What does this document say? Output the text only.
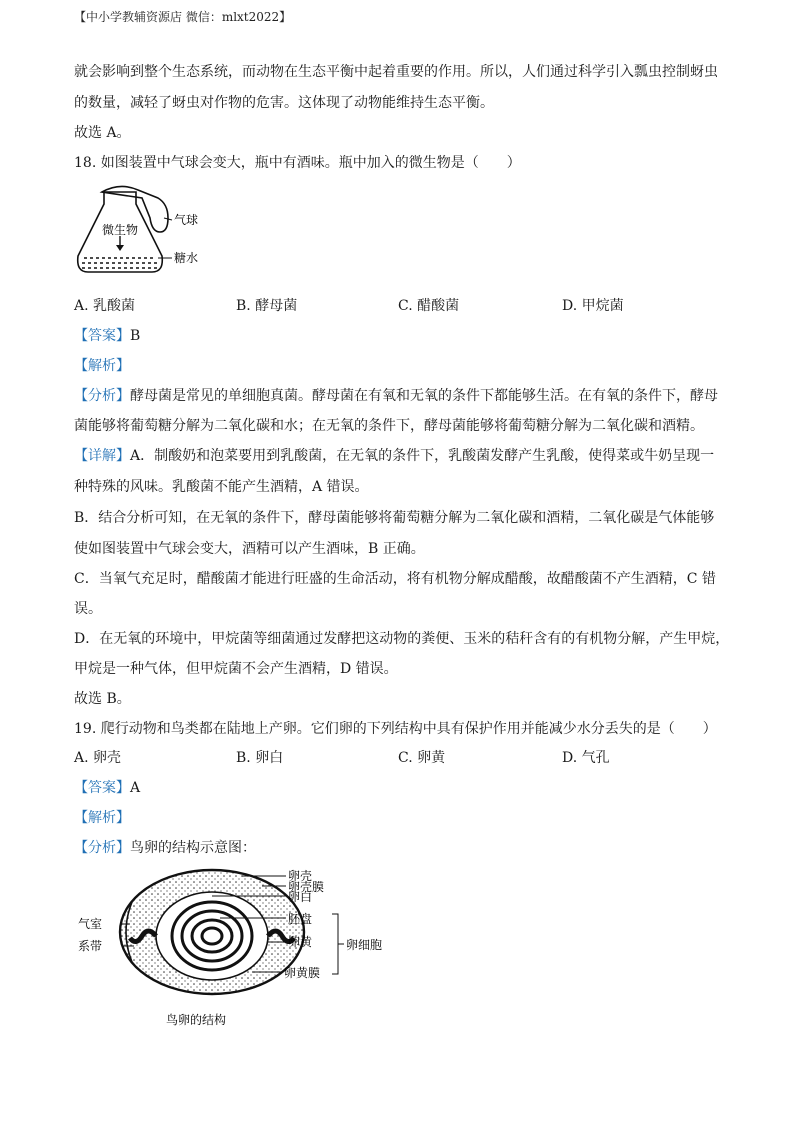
【中小学教辅资源店 微信：mlxt2022】
就会影响到整个生态系统，而动物在生态平衡中起着重要的作用。所以，人们通过科学引入瓢虫控制蚜虫
的数量，减轻了蚜虫对作物的危害。这体现了动物能维持生态平衡。
故选 A。
18. 如图装置中气球会变大，瓶中有酒味。瓶中加入的微生物是（　　）
微生物
气球
糖水
A. 乳酸菌	B. 酵母菌	C. 醋酸菌	D. 甲烷菌
【答案】B
【解析】
【分析】酵母菌是常见的单细胞真菌。酵母菌在有氧和无氧的条件下都能够生活。在有氧的条件下，酵母
菌能够将葡萄糖分解为二氧化碳和水；在无氧的条件下，酵母菌能够将葡萄糖分解为二氧化碳和酒精。
【详解】A．制酸奶和泡菜要用到乳酸菌，在无氧的条件下，乳酸菌发酵产生乳酸，使得菜或牛奶呈现一
种特殊的风味。乳酸菌不能产生酒精，A 错误。
B．结合分析可知，在无氧的条件下，酵母菌能够将葡萄糖分解为二氧化碳和酒精，二氧化碳是气体能够
使如图装置中气球会变大，酒精可以产生酒味，B 正确。
C．当氧气充足时，醋酸菌才能进行旺盛的生命活动，将有机物分解成醋酸，故醋酸菌不产生酒精，C 错
误。
D．在无氧的环境中，甲烷菌等细菌通过发酵把这动物的粪便、玉米的秸秆含有的有机物分解，产生甲烷，
甲烷是一种气体，但甲烷菌不会产生酒精，D 错误。
故选 B。
19. 爬行动物和鸟类都在陆地上产卵。它们卵的下列结构中具有保护作用并能减少水分丢失的是（　　）
A. 卵壳	B. 卵白	C. 卵黄	D. 气孔
【答案】A
【解析】
【分析】鸟卵的结构示意图：
卵壳
卵壳膜
卵白
胚盘
卵黄
卵黄膜
卵细胞
气室
系带
鸟卵的结构
